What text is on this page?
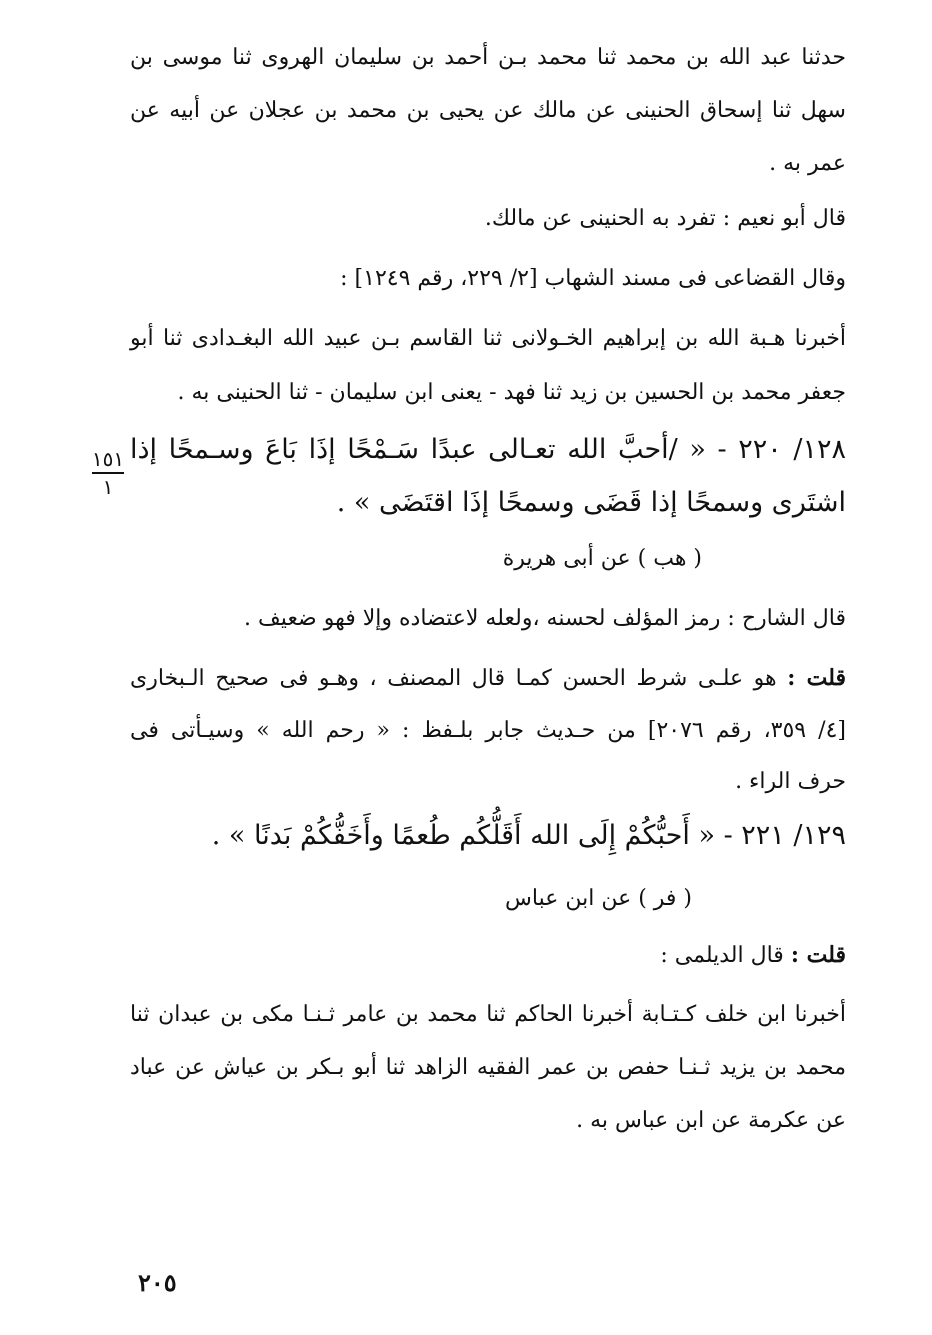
حدثنا عبد الله بن محمد ثنا محمد بـن أحمد بن سليمان الهروى ثنا موسى بن
سهل ثنا إسحاق الحنينى عن مالك عن يحيى بن محمد بن عجلان عن أبيه عن
عمر به .
قال أبو نعيم : تفرد به الحنينى عن مالك.
وقال القضاعى فى مسند الشهاب [٢/ ٢٢٩، رقم ١٢٤٩] :
أخبرنا هـبة الله بن إبراهيم الخـولانى ثنا القاسم بـن عبيد الله البغـدادى ثنا أبو
جعفر محمد بن الحسين بن زيد ثنا فهد - يعنى ابن سليمان - ثنا الحنينى به .
١٥١
١
١٢٨/ ٢٢٠ - « /أحبَّ الله تعـالى عبدًا سَـمْحًا إذَا بَاعَ وسـمحًا إذا
اشتَرى وسمحًا إذا قَضَى وسمحًا إذَا اقتَضَى » .
( هب ) عن أبى هريرة
قال الشارح : رمز المؤلف لحسنه ،ولعله لاعتضاده وإلا فهو ضعيف .
قلت : هو علـى شرط الحسن كمـا قال المصنف ، وهـو فى صحيح الـبخارى
[٤/ ٣٥٩، رقم ٢٠٧٦] من حـديث جابر بلـفظ : « رحم الله » وسيـأتى فى
حرف الراء .
١٢٩/ ٢٢١ - « أَحبُّكُمْ إِلَى الله أَقَلُّكُم طُعمًا وأَخَفُّكُمْ بَدنًا » .
( فر ) عن ابن عباس
قلت : قال الديلمى :
أخبرنا ابن خلف كـتـابة أخبرنا الحاكم ثنا محمد بن عامر ثـنـا مكى بن عبدان ثنا
محمد بن يزيد ثـنـا حفص بن عمر الفقيه الزاهد ثنا أبو بـكر بن عياش عن عباد
عن عكرمة عن ابن عباس به .
٢٠٥
